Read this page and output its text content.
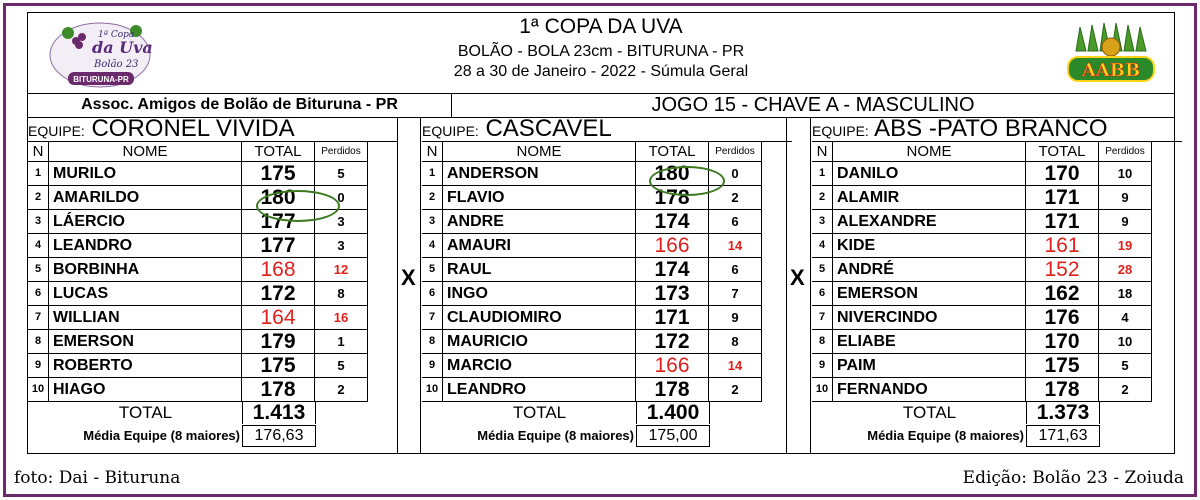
1ª Copa
da Uva
Bolão 23
BITURUNA-PR
1ª COPA DA UVA
BOLÃO - BOLA 23cm - BITURUNA - PR
28 a 30 de Janeiro - 2022 - Súmula Geral	AABB
Assoc. Amigos de Bolão de Bituruna - PR	JOGO 15 - CHAVE A - MASCULINO
EQUIPE: CORONEL VIVIDA
N	NOME	TOTAL	Perdidos
1 MURILO	175	5
2 AMARILDO	180	0
3 LÁERCIO	177	3
4 LEANDRO	177	3
5 BORBINHA	168	12
6 LUCAS	172	8
7 WILLIAN	164	16
8 EMERSON	179	1
9 ROBERTO	175	5
10 HIAGO	178	2
TOTAL	1.413
Média Equipe (8 maiores) 176,63
EQUIPE: CASCAVEL
N	NOME	TOTAL	Perdidos
1 ANDERSON	180	0
2 FLAVIO	178	2
3 ANDRE	174	6
4 AMAURI	166	14
5 RAUL	174	6
6 INGO	173	7
7 CLAUDIOMIRO	171	9
8 MAURICIO	172	8
9 MARCIO	166	14
10 LEANDRO	178	2
TOTAL	1.400
Média Equipe (8 maiores) 175,00
EQUIPE: ABS -PATO BRANCO
N	NOME	TOTAL	Perdidos
1 DANILO	170	10
2 ALAMIR	171	9
3 ALEXANDRE	171	9
4 KIDE	161	19
5 ANDRÉ	152	28
6 EMERSON	162	18
7 NIVERCINDO	176	4
8 ELIABE	170	10
9 PAIM	175	5
10 FERNANDO	178	2
TOTAL	1.373
Média Equipe (8 maiores) 171,63
X	X
foto: Dai - Bituruna	Edição: Bolão 23 - Zoiuda
